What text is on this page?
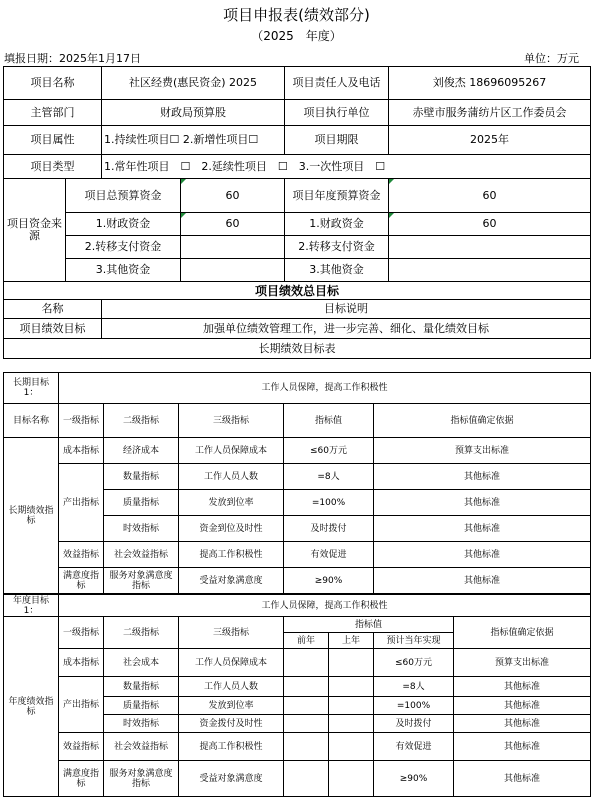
项目申报表(绩效部分)
（2025　年度）
填报日期：2025年1月17日	单位：万元
项目名称		社区经费(惠民资金) 2025		项目责任人及电话	刘俊杰 18696095267
主管部门		财政局预算股		项目执行单位	赤壁市服务蒲纺片区工作委员会
项目属性		1.持续性项目☐ 2.新增性项目☐		项目期限	2025年
项目类型		1.常年性项目　☐　2.延续性项目　☐　3.一次性项目　☐			
项目资金来源	项目总预算资金		60	项目年度预算资金	60
	1.财政资金		60	1.财政资金	60
	2.转移支付资金			2.转移支付资金	
	3.其他资金			3.其他资金	
项目绩效总目标					
名称		目标说明			
项目绩效目标		加强单位绩效管理工作，进一步完善、细化、量化绩效目标			
长期绩效目标表					
长期目标1：	工作人员保障，提高工作积极性				
目标名称	一级指标	二级指标	三级指标	指标值	指标值确定依据
长期绩效指标	成本指标	经济成本	工作人员保障成本	≤60万元	预算支出标准
	产出指标	数量指标	工作人员人数	=8人	其他标准
		质量指标	发放到位率	=100%	其他标准
		时效指标	资金到位及时性	及时拨付	其他标准
	效益指标	社会效益指标	提高工作积极性	有效促进	其他标准
	满意度指标	服务对象满意度指标	受益对象满意度	≥90%	其他标准
年度目标1：	工作人员保障，提高工作积极性						
年度绩效指标	一级指标	二级指标	三级指标	指标值			指标值确定依据
				前年	上年	预计当年实现	
	成本指标	社会成本	工作人员保障成本			≤60万元	预算支出标准
	产出指标	数量指标	工作人员人数			=8人	其他标准
		质量指标	发放到位率			=100%	其他标准
		时效指标	资金拨付及时性			及时拨付	其他标准
	效益指标	社会效益指标	提高工作积极性			有效促进	其他标准
	满意度指标	服务对象满意度指标	受益对象满意度			≥90%	其他标准
